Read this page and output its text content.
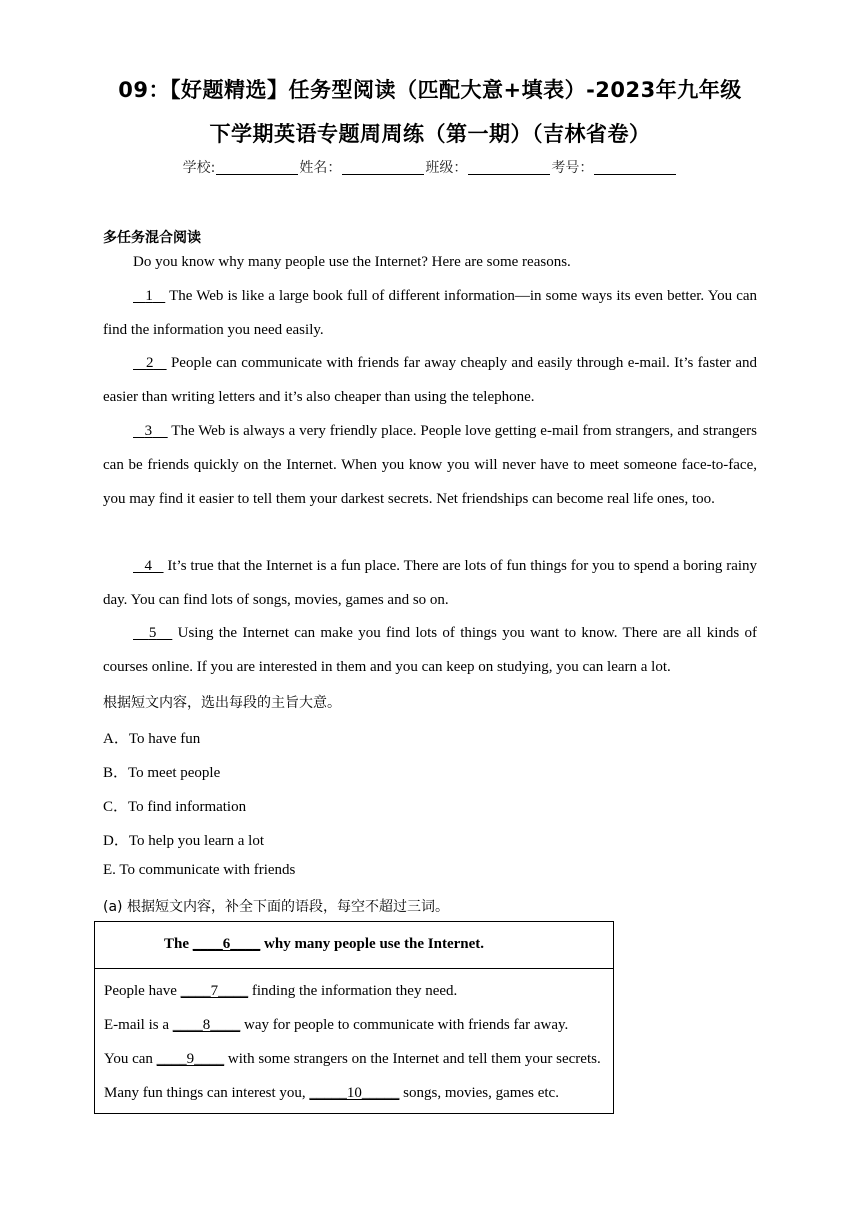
09：【好题精选】任务型阅读（匹配大意+填表）-2023年九年级
下学期英语专题周周练（第一期）（吉林省卷）
学校:	姓名：	班级：	考号：
多任务混合阅读

Do you know why many people use the Internet? Here are some reasons.

1    The Web is like a large book full of different information—in some ways its even better. You can find the information you need easily.

2    People can communicate with friends far away cheaply and easily through e-mail. It’s faster and easier than writing letters and it’s also cheaper than using the telephone.

3     The Web is always a very friendly place. People love getting e-mail from strangers, and strangers can be friends quickly on the Internet. When you know you will never have to meet someone face-to-face, you may find it easier to tell them your darkest secrets. Net friendships can become real life ones, too.

4    It’s true that the Internet is a fun place. There are lots of fun things for you to spend a boring rainy day. You can find lots of songs, movies, games and so on.

5    Using the Internet can make you find lots of things you want to know. There are all kinds of courses online. If you are interested in them and you can keep on studying, you can learn a lot.

根据短文内容，选出每段的主旨大意。
A．To have fun
B．To meet people
C．To find information
D．To help you learn a lot
E. To communicate with friends
(a) 根据短文内容，补全下面的语段，每空不超过三词。
The ____6____ why many people use the Internet.
People have ____7____ finding the information they need.
E-mail is a ____8____ way for people to communicate with friends far away.
You can ____9____ with some strangers on the Internet and tell them your secrets.
Many fun things can interest you, _____10_____ songs, movies, games etc.
